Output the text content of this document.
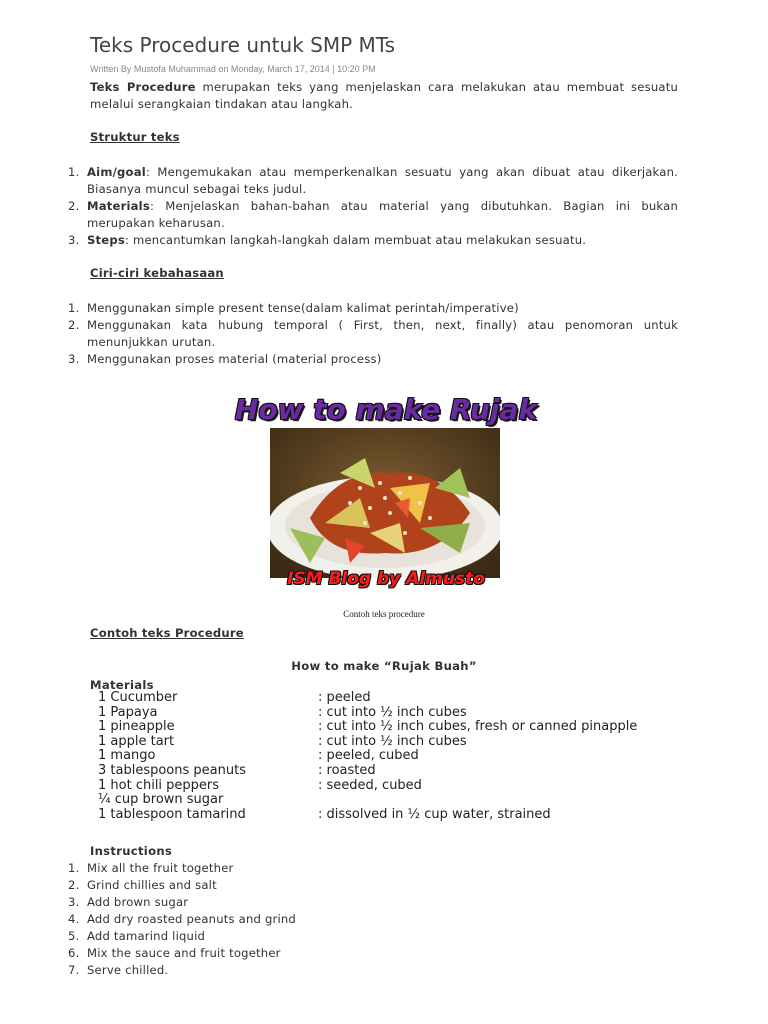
Teks Procedure untuk SMP MTs
Written By Mustofa Muhammad on Monday, March 17, 2014 | 10:20 PM
Teks Procedure merupakan teks yang menjelaskan cara melakukan atau membuat sesuatu melalui serangkaian tindakan atau langkah.
Struktur teks
1. Aim/goal: Mengemukakan atau memperkenalkan sesuatu yang akan dibuat atau dikerjakan. Biasanya muncul sebagai teks judul.
2. Materials: Menjelaskan bahan-bahan atau material yang dibutuhkan. Bagian ini bukan merupakan keharusan.
3. Steps: mencantumkan langkah-langkah dalam membuat atau melakukan sesuatu.
Ciri-ciri kebahasaan
1. Menggunakan simple present tense(dalam kalimat perintah/imperative)
2. Menggunakan kata hubung temporal ( First, then, next, finally) atau penomoran untuk menunjukkan urutan.
3. Menggunakan proses material (material process)
How to make Rujak
ISM Blog by Almusto
Contoh teks procedure
Contoh teks Procedure
How to make “Rujak Buah”
Materials
1 Cucumber	: peeled
1 Papaya	: cut into ½ inch cubes
1 pineapple	: cut into ½ inch cubes, fresh or canned pinapple
1 apple tart	: cut into ½ inch cubes
1 mango	: peeled, cubed
3 tablespoons peanuts	: roasted
1 hot chili peppers	: seeded, cubed
¼ cup brown sugar	
1 tablespoon tamarind	: dissolved in ½ cup water, strained
Instructions
1. Mix all the fruit together
2. Grind chillies and salt
3. Add brown sugar
4. Add dry roasted peanuts and grind
5. Add tamarind liquid
6. Mix the sauce and fruit together
7. Serve chilled.
